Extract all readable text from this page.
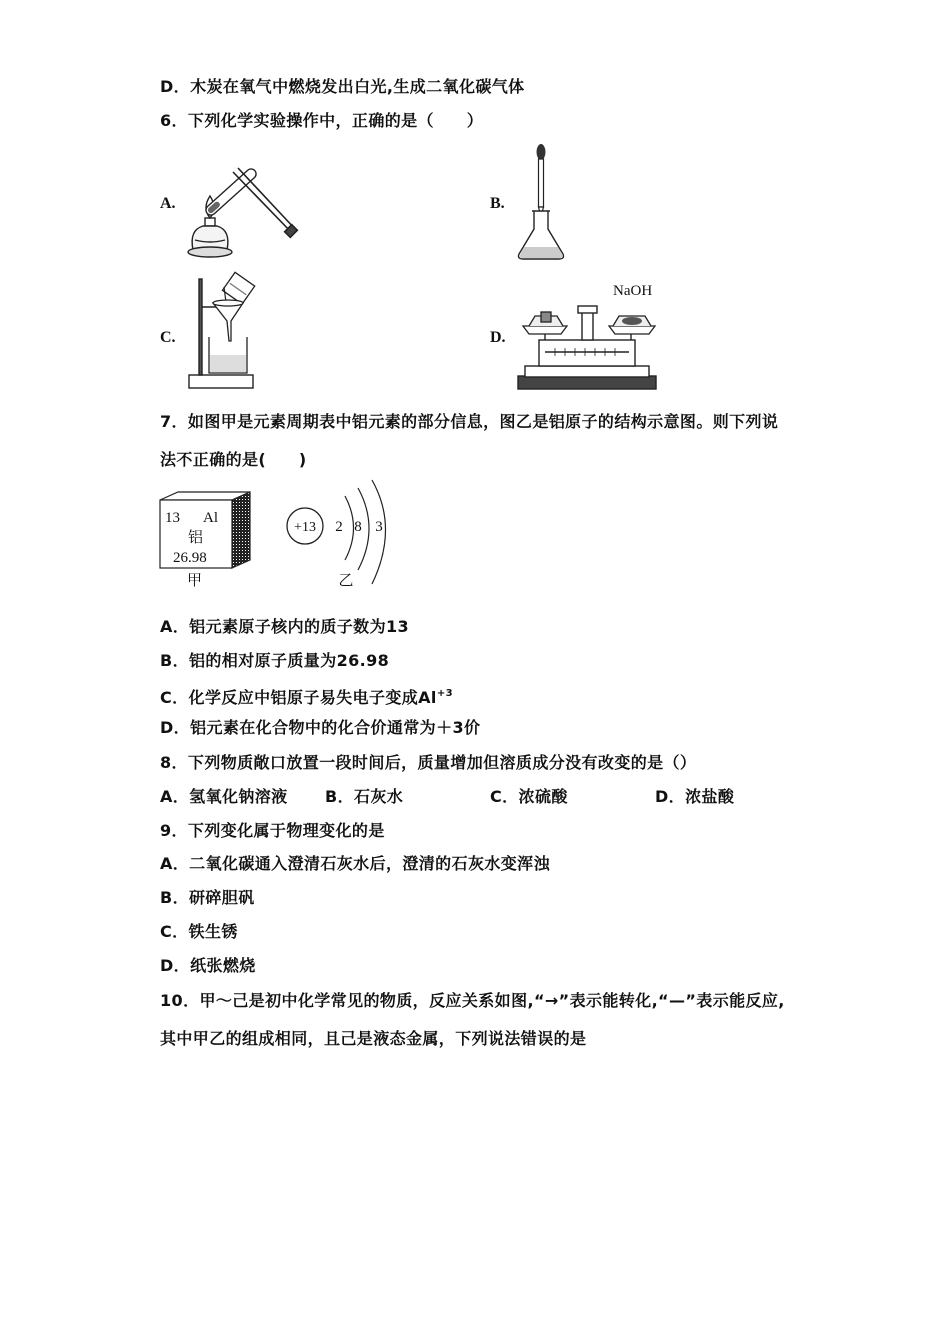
D．木炭在氧气中燃烧发出白光,生成二氧化碳气体
6．下列化学实验操作中，正确的是（　　）
A.	B.
C.	D.
NaOH
7．如图甲是元素周期表中铝元素的部分信息，图乙是铝原子的结构示意图。则下列说
法不正确的是(　　)
13 Al
铝
26.98
甲
+13 2 8 3
乙
A．铝元素原子核内的质子数为13
B．铝的相对原子质量为26.98
C．化学反应中铝原子易失电子变成$Al^{+3}$
D．铝元素在化合物中的化合价通常为＋3价
8．下列物质敞口放置一段时间后，质量增加但溶质成分没有改变的是（）
A．氢氧化钠溶液 B．石灰水	C．浓硫酸	D．浓盐酸
9．下列变化属于物理变化的是
A．二氧化碳通入澄清石灰水后，澄清的石灰水变浑浊
B．研碎胆矾
C．铁生锈
D．纸张燃烧
10．甲～己是初中化学常见的物质，反应关系如图,“→”表示能转化,“—”表示能反应,
其中甲乙的组成相同，且己是液态金属，下列说法错误的是
